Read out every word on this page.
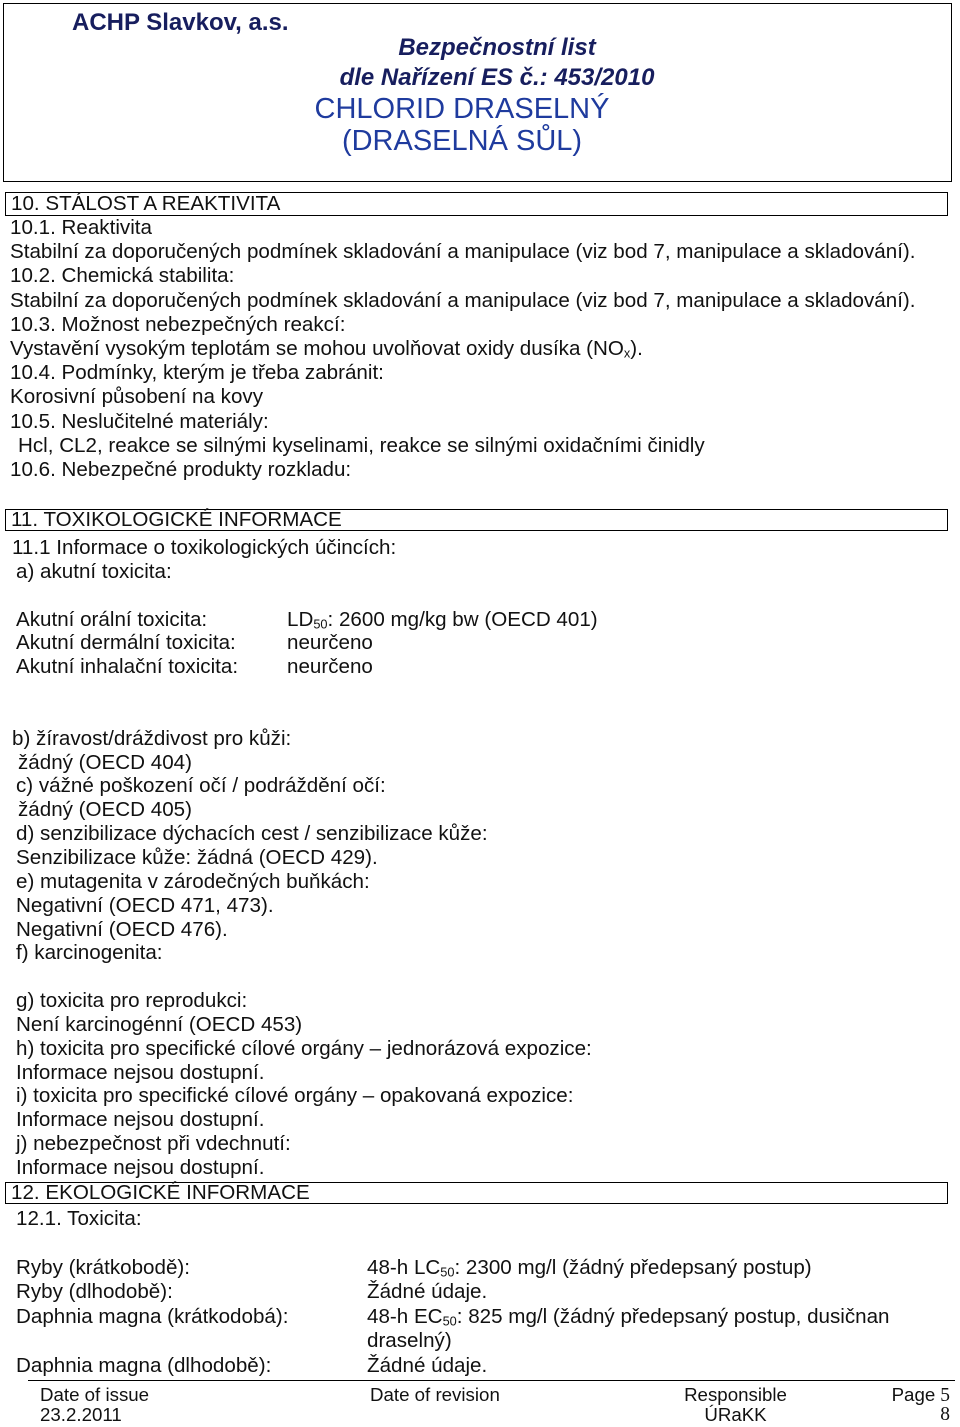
ACHP Slavkov, a.s.
Bezpečnostní list
dle Nařízení ES č.: 453/2010
CHLORID DRASELNÝ
(DRASELNÁ SŮL)
10. STÁLOST A REAKTIVITA
10.1. Reaktivita
Stabilní za doporučených podmínek skladování a manipulace (viz bod 7, manipulace a skladování).
10.2. Chemická stabilita:
Stabilní za doporučených podmínek skladování a manipulace (viz bod 7, manipulace a skladování).
10.3. Možnost nebezpečných reakcí:
Vystavění vysokým teplotám se mohou uvolňovat oxidy dusíka $(NO_x)$.
10.4. Podmínky, kterým je třeba zabránit:
Korosivní působení na kovy
10.5. Neslučitelné materiály:
Hcl, CL2, reakce se silnými kyselinami, reakce se silnými oxidačními činidly
10.6. Nebezpečné produkty rozkladu:
11. TOXIKOLOGICKÉ INFORMACE
11.1 Informace o toxikologických účincích:
a) akutní toxicita:
Akutní orální toxicita:	$LD_{50}$: 2600 mg/kg bw (OECD 401)
Akutní dermální toxicita:	neurčeno
Akutní inhalační toxicita:	neurčeno
b) žíravost/dráždivost pro kůži:
žádný (OECD 404)
c) vážné poškození očí / podráždění očí:
žádný (OECD 405)
d) senzibilizace dýchacích cest / senzibilizace kůže:
Senzibilizace kůže: žádná (OECD 429).
e) mutagenita v zárodečných buňkách:
Negativní (OECD 471, 473).
Negativní (OECD 476).
f) karcinogenita:
g) toxicita pro reprodukci:
Není karcinogénní (OECD 453)
h) toxicita pro specifické cílové orgány – jednorázová expozice:
Informace nejsou dostupní.
i) toxicita pro specifické cílové orgány – opakovaná expozice:
Informace nejsou dostupní.
j) nebezpečnost při vdechnutí:
Informace nejsou dostupní.
12. EKOLOGICKÉ INFORMACE
12.1. Toxicita:
Ryby (krátkobodě):	48-h $LC_{50}$: 2300 mg/l (žádný předepsaný postup)
Ryby (dlhodobě):	Žádné údaje.
Daphnia magna (krátkodobá):	48-h $EC_{50}$: 825 mg/l (žádný předepsaný postup, dusičnan draselný)
Daphnia magna (dlhodobě):	Žádné údaje.
Date of issue	Date of revision	Responsible	Page 5
23.2.2011	ÚRaKK	8
